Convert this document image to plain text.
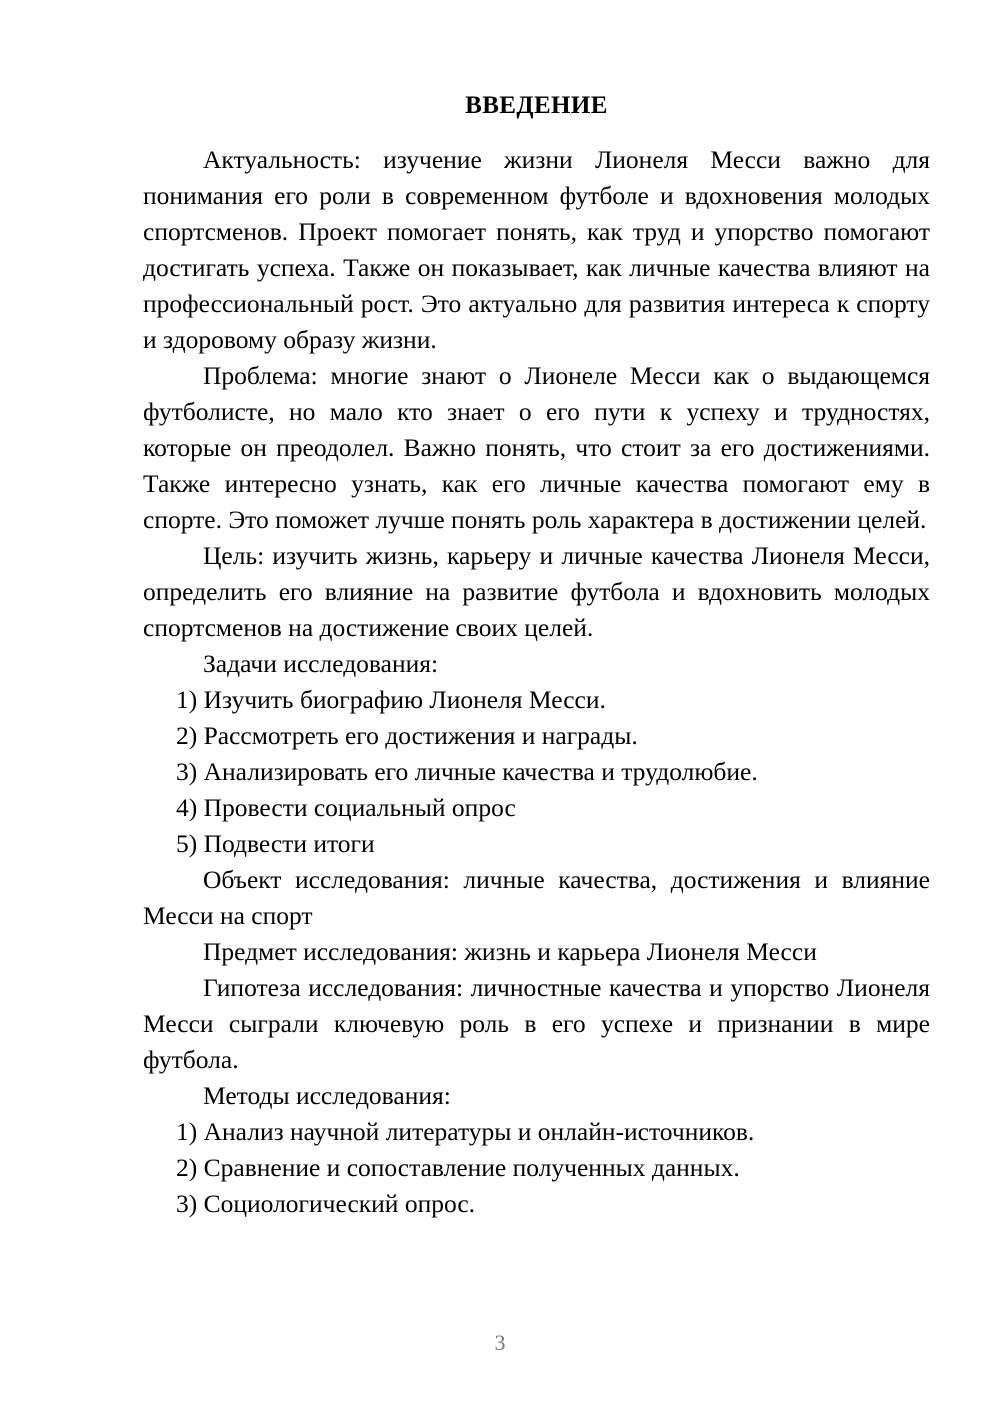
ВВЕДЕНИЕ

Актуальность: изучение жизни Лионеля Месси важно для понимания его роли в современном футболе и вдохновения молодых спортсменов. Проект помогает понять, как труд и упорство помогают достигать успеха. Также он показывает, как личные качества влияют на профессиональный рост. Это актуально для развития интереса к спорту и здоровому образу жизни.

Проблема: многие знают о Лионеле Месси как о выдающемся футболисте, но мало кто знает о его пути к успеху и трудностях, которые он преодолел. Важно понять, что стоит за его достижениями. Также интересно узнать, как его личные качества помогают ему в спорте. Это поможет лучше понять роль характера в достижении целей.

Цель: изучить жизнь, карьеру и личные качества Лионеля Месси, определить его влияние на развитие футбола и вдохновить молодых спортсменов на достижение своих целей.

Задачи исследования:

1) Изучить биографию Лионеля Месси.

2) Рассмотреть его достижения и награды.

3) Анализировать его личные качества и трудолюбие.

4) Провести социальный опрос

5) Подвести итоги

Объект исследования: личные качества, достижения и влияние Месси на спорт

Предмет исследования: жизнь и карьера Лионеля Месси

Гипотеза исследования: личностные качества и упорство Лионеля Месси сыграли ключевую роль в его успехе и признании в мире футбола.

Методы исследования:

1) Анализ научной литературы и онлайн-источников.

2) Сравнение и сопоставление полученных данных.

3) Социологический опрос.

3
